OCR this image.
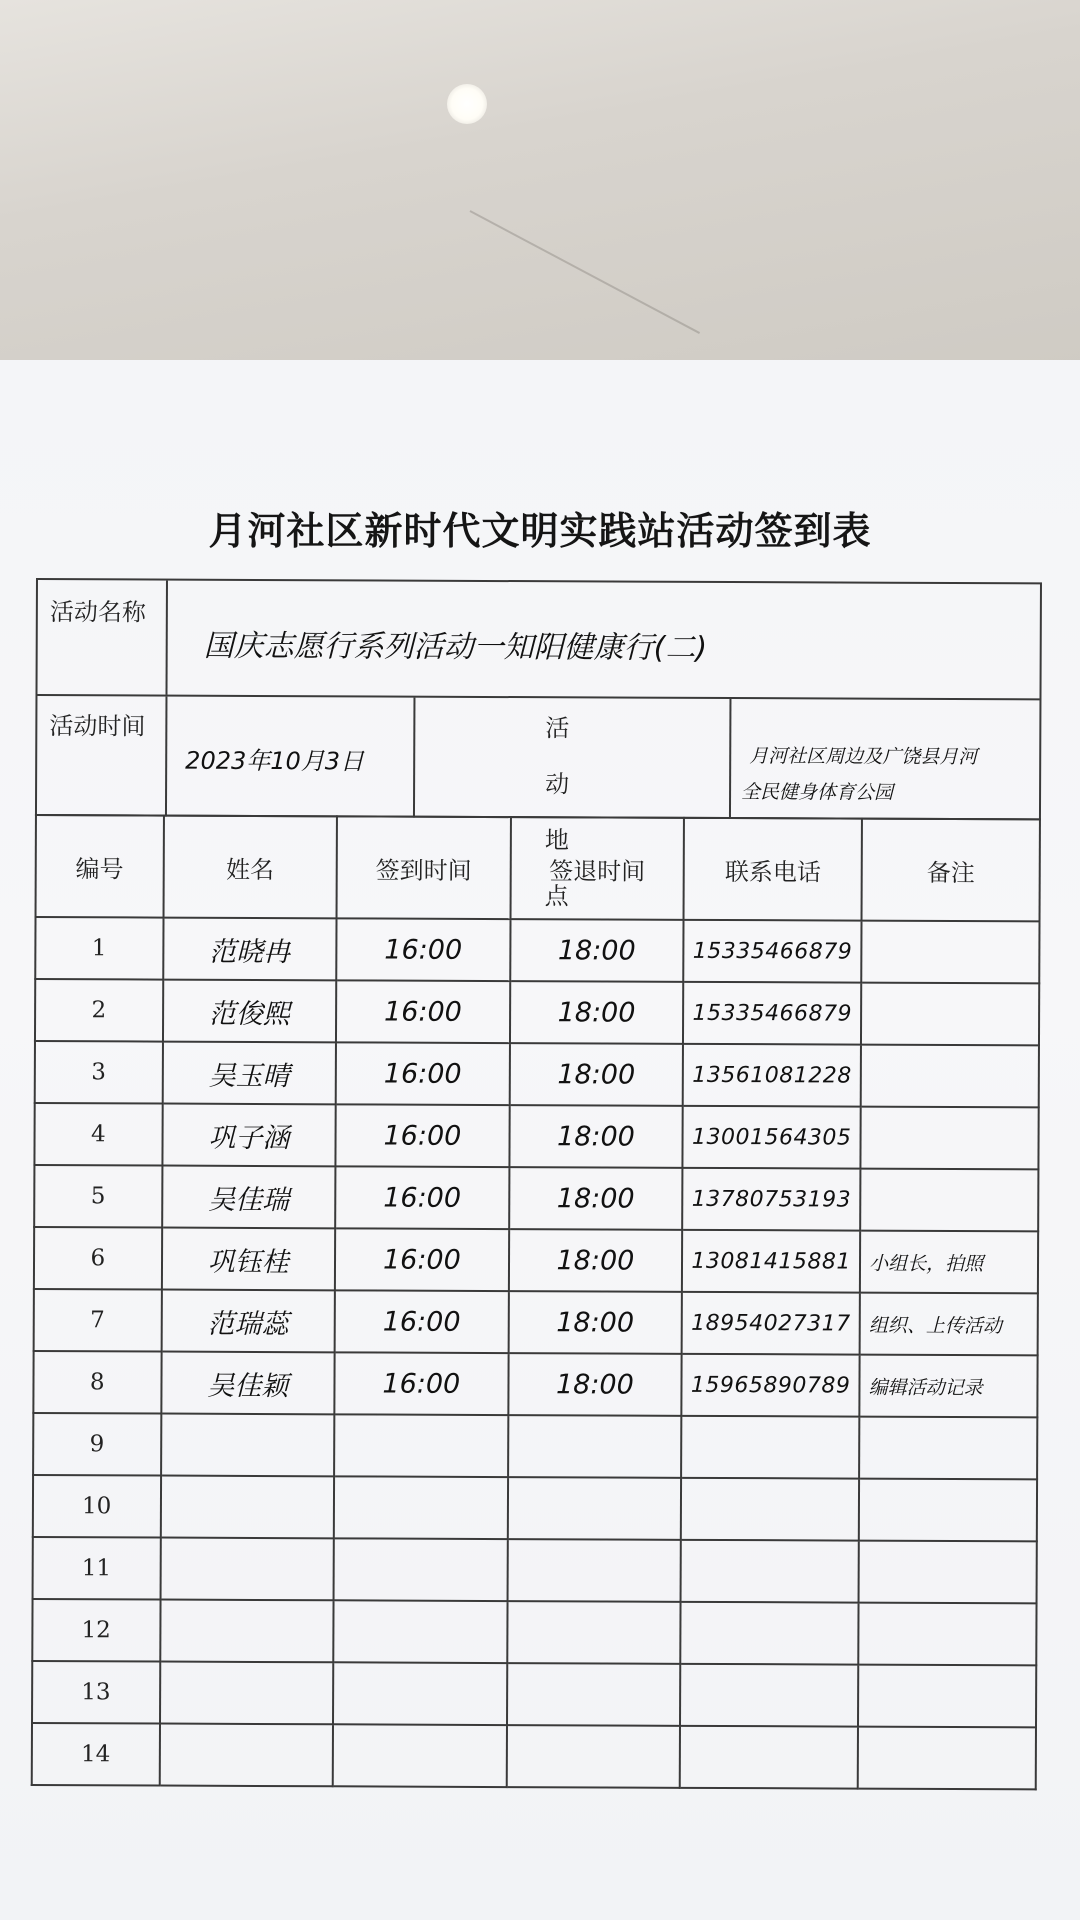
月河社区新时代文明实践站活动签到表
活动名称
国庆志愿行系列活动一知阳健康行(二)
活动时间
2023年10月3日
活动地点
月河社区周边及广饶县月河
全民健身体育公园
编号	姓名	签到时间	签退时间	联系电话	备注
1	范晓冉	16:00	18:00	15335466879	
2	范俊熙	16:00	18:00	15335466879	
3	吴玉晴	16:00	18:00	13561081228	
4	巩子涵	16:00	18:00	13001564305	
5	吴佳瑞	16:00	18:00	13780753193	
6	巩钰桂	16:00	18:00	13081415881	小组长，拍照
7	范瑞蕊	16:00	18:00	18954027317	组织、上传活动
8	吴佳颖	16:00	18:00	15965890789	编辑活动记录
9					
10					
11					
12					
13					
14					
